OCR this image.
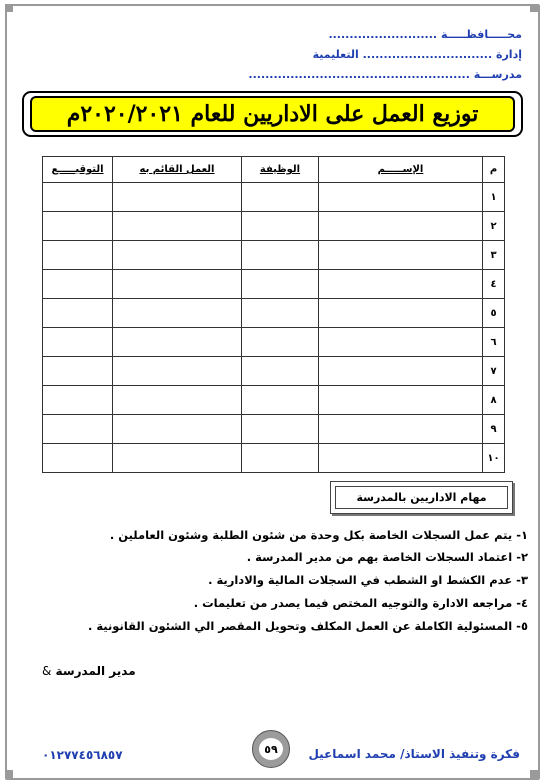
محـــــافظـــــة ..........................
إدارة ............................... التعليمية
مدرســـة .....................................................
توزيع العمل على الاداريين للعام ٢٠٢٠/٢٠٢١م
م	الإســـــم	الوظيفة	العمل القائم به	التوقيـــــع
١				
٢				
٣				
٤				
٥				
٦				
٧				
٨				
٩				
١٠				
مهام الاداريين بالمدرسة
١- يتم عمل السجلات الخاصة بكل وحدة من شئون الطلبة وشئون العاملين .
٢- اعتماد السجلات الخاصة بهم من مدير المدرسة .
٣- عدم الكشط او الشطب في السجلات المالية والادارية .
٤- مراجعه الادارة والتوجيه المختص فيما يصدر من تعليمات .
٥- المسئولية الكاملة عن العمل المكلف وتحويل المقصر الي الشئون القانونية .
مدير المدرسة &
فكرة وتنفيذ الاستاذ/ محمد اسماعيل
٥٩
٠١٢٧٧٤٥٦٨٥٧
